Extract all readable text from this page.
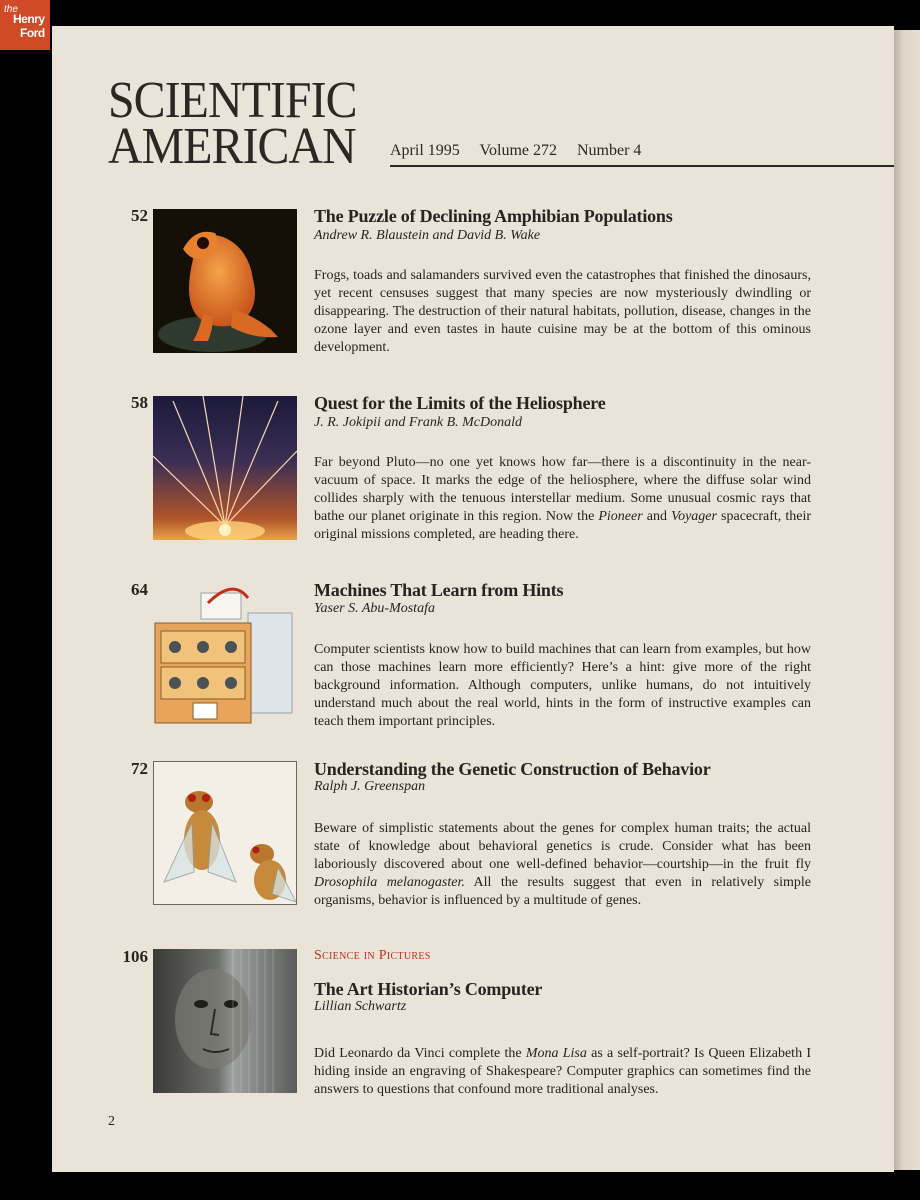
the
Henry
Ford
SCIENTIFIC
AMERICAN April 1995 Volume 272 Number 4
52	The Puzzle of Declining Amphibian Populations
Andrew R. Blaustein and David B. Wake
Frogs, toads and salamanders survived even the catastrophes that finished the dinosaurs, yet recent censuses suggest that many species are now mysteriously dwindling or disappearing. The destruction of their natural habitats, pollution, disease, changes in the ozone layer and even tastes in haute cuisine may be at the bottom of this ominous development.
58	Quest for the Limits of the Heliosphere
J. R. Jokipii and Frank B. McDonald
Far beyond Pluto—no one yet knows how far—there is a discontinuity in the near-vacuum of space. It marks the edge of the heliosphere, where the diffuse solar wind collides sharply with the tenuous interstellar medium. Some unusual cosmic rays that bathe our planet originate in this region. Now the Pioneer and Voyager spacecraft, their original missions completed, are heading there.
64	Machines That Learn from Hints
Yaser S. Abu-Mostafa
Computer scientists know how to build machines that can learn from examples, but how can those machines learn more efficiently? Here’s a hint: give more of the right background information. Although computers, unlike humans, do not intuitively understand much about the real world, hints in the form of instructive examples can teach them important principles.
72	Understanding the Genetic Construction of Behavior
Ralph J. Greenspan
Beware of simplistic statements about the genes for complex human traits; the actual state of knowledge about behavioral genetics is crude. Consider what has been laboriously discovered about one well-defined behavior—courtship—in the fruit fly Drosophila melanogaster. All the results suggest that even in relatively simple organisms, behavior is influenced by a multitude of genes.
106	Science in Pictures
The Art Historian’s Computer
Lillian Schwartz
Did Leonardo da Vinci complete the Mona Lisa as a self-portrait? Is Queen Elizabeth I hiding inside an engraving of Shakespeare? Computer graphics can sometimes find the answers to questions that confound more traditional analyses.
2
